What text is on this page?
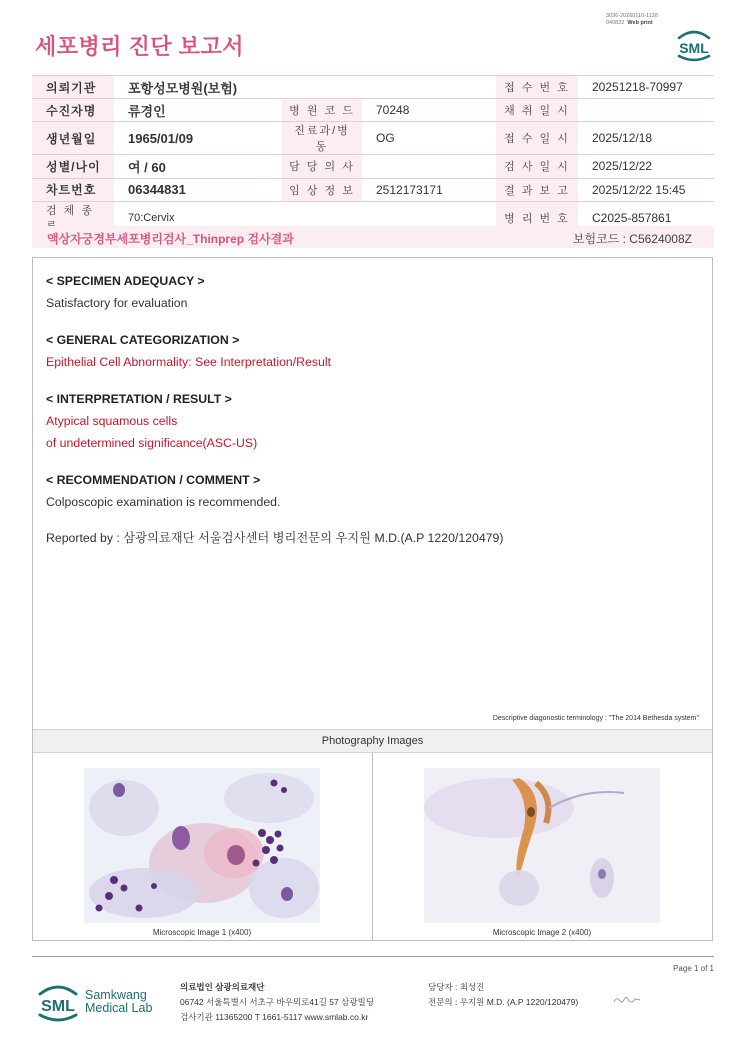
3036-20260110-1138
040822 Web print
세포병리 진단 보고서	SML
의뢰기관	포항성모병원(보험)			접 수 번 호	20251218-70997
수진자명	류경인	병 원 코 드	70248	채 취 일 시	
생년월일	1965/01/09	진료과/병동	OG	접 수 일 시	2025/12/18
성별/나이	여 / 60	담 당 의 사		검 사 일 시	2025/12/22
차트번호	06344831	임 상 정 보	2512173171	결 과 보 고	2025/12/22 15:45
검 체 종	70:Cervix			병 리 번 호	C2025-857861
액상자궁경부세포병리검사_Thinprep 검사결과	보험코드 : C5624008Z
< SPECIMEN ADEQUACY >
Satisfactory for evaluation
< GENERAL CATEGORIZATION >
Epithelial Cell Abnormality: See Interpretation/Result
< INTERPRETATION / RESULT >
Atypical squamous cells
of undetermined significance(ASC-US)
< RECOMMENDATION / COMMENT >
Colposcopic examination is recommended.
Reported by : 삼광의료재단 서울검사센터 병리전문의 우지원 M.D.(A.P 1220/120479)
Descriptive diagonostic terminology : "The 2014 Bethesda system"
Photography Images
Microscopic Image 1 (x400)	Microscopic Image 2 (x400)
Page 1 of 1
SML
Samkwang
Medical Lab
의료법인 삼광의료재단
06742 서울특별시 서초구 바우뫼로41길 57 삼광빌딩
검사기관 11365200 T 1661-5117 www.smlab.co.kr
담당자 : 최성진
전문의 : 우지원 M.D. (A.P 1220/120479)
